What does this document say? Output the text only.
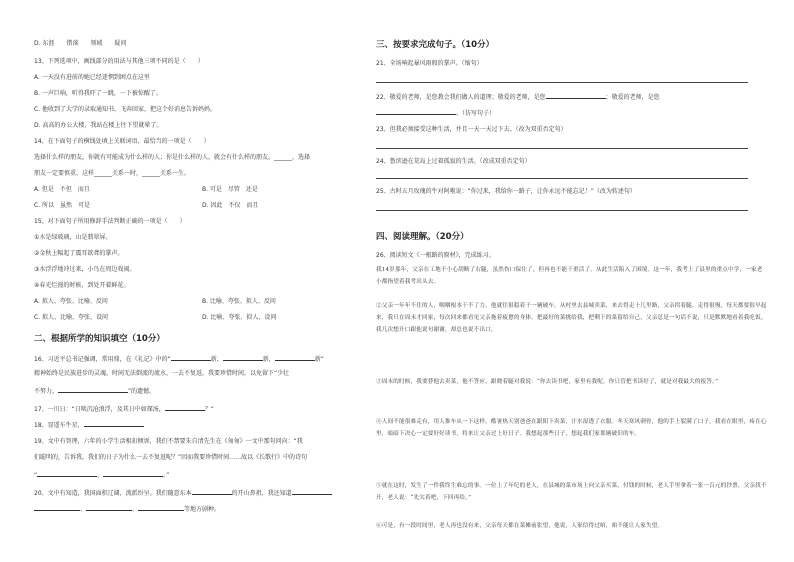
D. 东涯　　错落　　领域　　疑问
13、下列选项中，画线部分的用法与其他三项不同的是（　　）
A. 一天没有进前的她已经迷惘到困点在这里
B. 一声巨响，听得我吓了一跳，一下被惊醒了。
C. 他收到了大学的录取通知书，飞奔回家，把这个好消息告诉妈妈。
D. 高高的办公大楼，我站在楼上往下望就晕了。
14、在下面句子的横线处填上关联词语，最恰当的一项是（　　）
选择什么样的朋友，你就有可能成为什么样的人；你是什么样的人，就会有什么样的朋友。______，选择
朋友一定要慎重，这样______关系一时，______关系一生。
A. 但是　不但　而且	B. 可是　尽管　还是
C. 所以　虽然　可是	D. 因此　不仅　而且
15、对下面句子所用修辞手法判断正确的一项是（　　）
①水是绿玻璃，山是翡翠屏。
②金秋上幅起了震耳欲聋的掌声。
③水浮浮地冲过来，小鸟在周边戏闹。
④春光烂漫的时候，到处开着鲜花。
A. 拟人、夸张、比喻、反问	B. 比喻、夸张、拟人、反问
C. 拟人、比喻、夸张、设问	D. 比喻、夸张、拟人、设问
二、根据所学的知识填空（10分）
16、习近平总书记强调，常用鼎，在《礼记》中的“	新，	新，	新”
精神始终是民族进步的灵魂。时间无法倒流的流水，一去不复返，我要珍惜时间，以免留下“少壮
不努力，	”的遗憾。
17、一川日：“日啖沉沧浪浮，及其日中如探汤，	？”
18、显遥车牛星，
19、文中有智理，六年的小学生活相扣倾诉，我们不禁要朱自清先生在《匆匆》一文中那句问向：“我
们聪明的，告诉我，我们的日子为什么一去不复返呢？”因而我要珍惜时间……故以《长歌行》中的诗句
“	，	。”
20、文中有知造，我国面积辽阔，流派纷呈。我们随意东本	的开山鼻祖，我还知道
、	、	等地方剧种。
三、按要求完成句子。（10分）
21、全场响起暴风雨般的掌声。（缩句）
22、敬爱的老师，是您教会我们做人的道理；敬爱的老师，是您	；敬爱的老师，是您
。（仿写句子）
23、但我必须接受这种生活，并且一天一天过下去。（改为双重否定句）
24、鲁滨逊在荒岛上过着孤寂的生活。（改成双重否定句）
25、古时五月玫瑰的牛对阿啦说：“你过来，我给你一路子，让你永远不能忘记！”（改为转述句）
四、阅读理解。（20分）
26、阅读短文《一根路的原材》，完成练习。
我14岁那年，父亲在工地不小心刮断了右腿，虽然伤口保住了，但再也不能干重活了。从此生活陷入了困境。这一年，我考上了县里的重点中学，一家老小都指望着我考出头去。
②父亲一年年不住的人，咽咽根本干不了力，他就往很稳着干一辆破车，从村里去县城卖菜，来去得走十几里路，父亲拐着腿，走得很慢，每天都要很早起来，我只在周末才回家，每次回来都看见父亲拖着疲惫的身体，把最好的菜挑给我，把剩下的菜留给自己，父亲总是一句话不说，只是默默地看着我吃饭。我几次想开口跟他说句谢谢，却总也说不出口。
③周末的时候，我要替他去卖菜，他不答应，跟晓着腿对我说：“你去读书吧，家里有我呢。你只管把书读好了，就是对我最大的报答。”
④人间不能很难走有，用人推车从一下这样。酷暑热天别爸爸在跟阳下卖菜，汗水湿透了衣服。冬天寒风刺骨，他的手上裂满了口子。我看在眼里，疼在心里，暗暗下决心一定要好好读书，将来让父亲过上好日子。我想起那些日子，想起我们家那辆破旧的车。
⑤就在这时，发生了一件我终生难忘的事。一位上了年纪的老人，在县城的菜市场上向父亲买菜，付钱的时候，老人手里拿着一张一百元的钞票，父亲找不开，老人说：“先欠着吧，下回再给。”
⑥可是，有一段时间里，老人再也没有来，父亲每天都在菜摊前张望，他说，人家信得过咱，咱不能让人家失望。
